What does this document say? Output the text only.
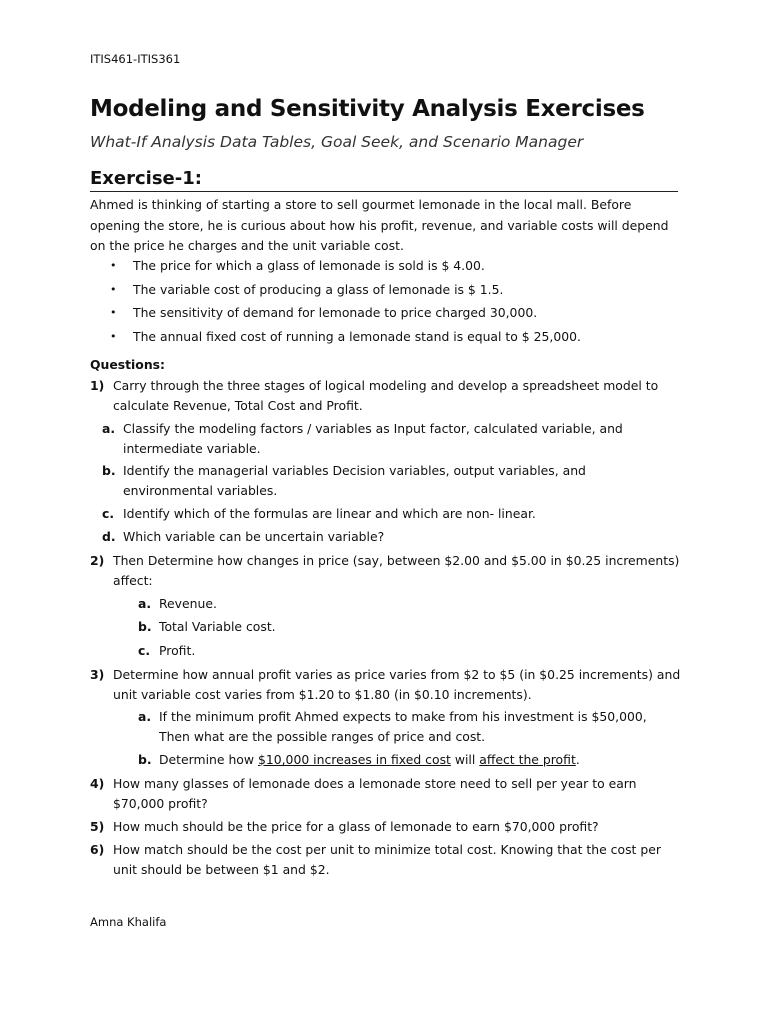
ITIS461-ITIS361
Modeling and Sensitivity Analysis Exercises
What-If Analysis Data Tables, Goal Seek, and Scenario Manager
Exercise-1:

Ahmed is thinking of starting a store to sell gourmet lemonade in the local mall. Before opening the store, he is curious about how his profit, revenue, and variable costs will depend on the price he charges and the unit variable cost.

• The price for which a glass of lemonade is sold is $ 4.00.
• The variable cost of producing a glass of lemonade is $ 1.5.
• The sensitivity of demand for lemonade to price charged 30,000.
• The annual fixed cost of running a lemonade stand is equal to $ 25,000.
Questions:
1) Carry through the three stages of logical modeling and develop a spreadsheet model to calculate Revenue, Total Cost and Profit.
a. Classify the modeling factors / variables as Input factor, calculated variable, and intermediate variable.
b. Identify the managerial variables Decision variables, output variables, and environmental variables.
c. Identify which of the formulas are linear and which are non- linear.
d. Which variable can be uncertain variable?
2) Then Determine how changes in price (say, between $2.00 and $5.00 in $0.25 increments) affect:
a. Revenue.
b. Total Variable cost.
c. Profit.
3) Determine how annual profit varies as price varies from $2 to $5 (in $0.25 increments) and unit variable cost varies from $1.20 to $1.80 (in $0.10 increments).
a. If the minimum profit Ahmed expects to make from his investment is $50,000, Then what are the possible ranges of price and cost.
b. Determine how $10,000 increases in fixed cost will affect the profit.
4) How many glasses of lemonade does a lemonade store need to sell per year to earn $70,000 profit?
5) How much should be the price for a glass of lemonade to earn $70,000 profit?
6) How match should be the cost per unit to minimize total cost. Knowing that the cost per unit should be between $1 and $2.
Amna Khalifa
